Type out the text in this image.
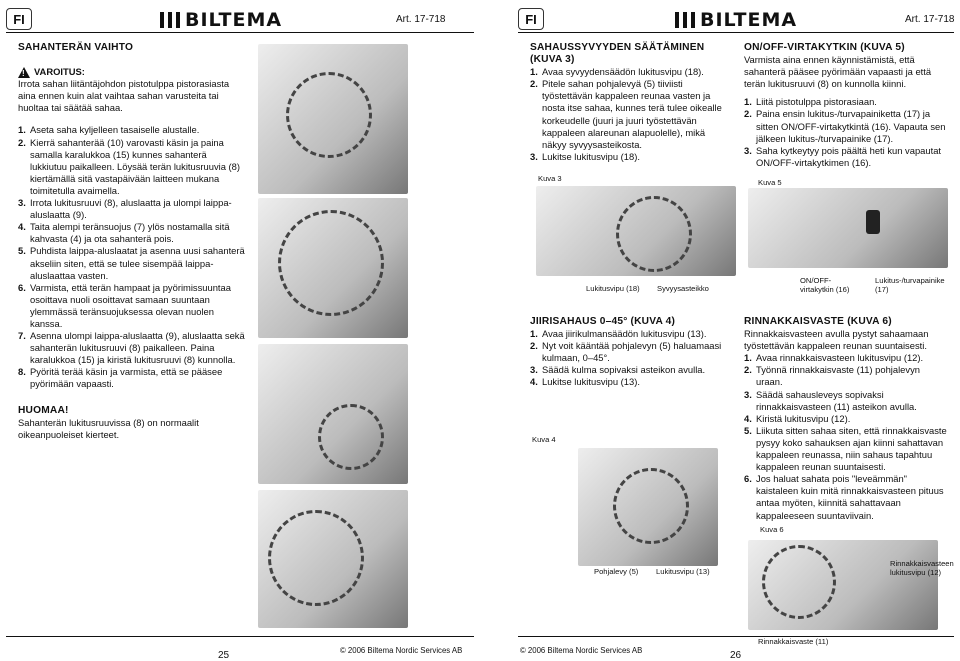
FI	BILTEMA	Art. 17-718

SAHANTERÄN VAIHTO

! VAROITUS:

Irrota sahan liitäntäjohdon pistotulppa pistorasiasta aina ennen kuin alat vaihtaa sahan varusteita tai huoltaa tai säätää sahaa.

1. Aseta saha kyljelleen tasaiselle alustalle.
2. Kierrä sahanterää (10) varovasti käsin ja paina samalla karalukkoa (15) kunnes sahanterä lukkiutuu paikalleen. Löysää terän lukitusruuvia (8) kiertämällä sitä vastapäivään laitteen mukana toimitetulla avaimella.
3. Irrota lukitusruuvi (8), aluslaatta ja ulompi laippa-aluslaatta (9).
4. Taita alempi teränsuojus (7) ylös nostamalla sitä kahvasta (4) ja ota sahanterä pois.
5. Puhdista laippa-aluslaatat ja asenna uusi sahanterä akseliin siten, että se tulee sisempää laippa-aluslaattaa vasten.
6. Varmista, että terän hampaat ja pyörimissuuntaa osoittava nuoli osoittavat samaan suuntaan ylemmässä teränsuojuksessa olevan nuolen kanssa.
7. Asenna ulompi laippa-aluslaatta (9), aluslaatta sekä sahanterän lukitusruuvi (8) paikalleen. Paina karalukkoa (15) ja kiristä lukitusruuvi (8) kunnolla.
8. Pyöritä terää käsin ja varmista, että se pääsee pyörimään vapaasti.

HUOMAA!

Sahanterän lukitusruuvissa (8) on normaalit oikeanpuoleiset kierteet.

25	© 2006 Biltema Nordic Services AB
FI	BILTEMA	Art. 17-718

SAHAUSSYVYYDEN SÄÄTÄMINEN (KUVA 3)

1. Avaa syvyydensäädön lukitusvipu (18).
2. Pitele sahan pohjalevyä (5) tiiviisti työstettävän kappaleen reunaa vasten ja nosta itse sahaa, kunnes terä tulee oikealle korkeudelle (juuri ja juuri työstettävän kappaleen alareunan alapuolelle), mikä näkyy syvyysasteikosta.
3. Lukitse lukitusvipu (18).
Kuva 3
Lukitusvipu (18) Syvyysasteikko

JIIRISAHAUS 0–45° (KUVA 4)

1. Avaa jiirikulmansäädön lukitusvipu (13).
2. Nyt voit kääntää pohjalevyn (5) haluamaasi kulmaan, 0–45°.
3. Säädä kulma sopivaksi asteikon avulla.
4. Lukitse lukitusvipu (13).
Kuva 4
Pohjalevy (5) Lukitusvipu (13)

ON/OFF-VIRTAKYTKIN (KUVA 5)

Varmista aina ennen käynnistämistä, että sahanterä pääsee pyörimään vapaasti ja että terän lukitusruuvi (8) on kunnolla kiinni.

1. Liitä pistotulppa pistorasiaan.
2. Paina ensin lukitus-/turvapainiketta (17) ja sitten ON/OFF-virtakytkintä (16). Vapauta sen jälkeen lukitus-/turvapainike (17).
3. Saha kytkeytyy pois päältä heti kun vapautat ON/OFF-virtakytkimen (16).
Kuva 5
ON/OFF-virtakytkin (16)
Lukitus-/turvapainike (17)

RINNAKKAISVASTE (KUVA 6)

Rinnakkaisvasteen avulla pystyt sahaamaan työstettävän kappaleen reunan suuntaisesti.

1. Avaa rinnakkaisvasteen lukitusvipu (12).
2. Työnnä rinnakkaisvaste (11) pohjalevyn uraan.
3. Säädä sahausleveys sopivaksi rinnakkaisvasteen (11) asteikon avulla.
4. Kiristä lukitusvipu (12).
5. Liikuta sitten sahaa siten, että rinnakkaisvaste pysyy koko sahauksen ajan kiinni sahattavan kappaleen reunassa, niin sahaus tapahtuu kappaleen reunan suuntaisesti.
6. Jos haluat sahata pois "leveämmän" kaistaleen kuin mitä rinnakkaisvasteen pituus antaa myöten, kiinnitä sahattavaan kappaleeseen suuntaviivain.
Kuva 6
Rinnakkaisvasteen lukitusvipu (12)
Rinnakkaisvaste (11)
© 2006 Biltema Nordic Services AB	26
